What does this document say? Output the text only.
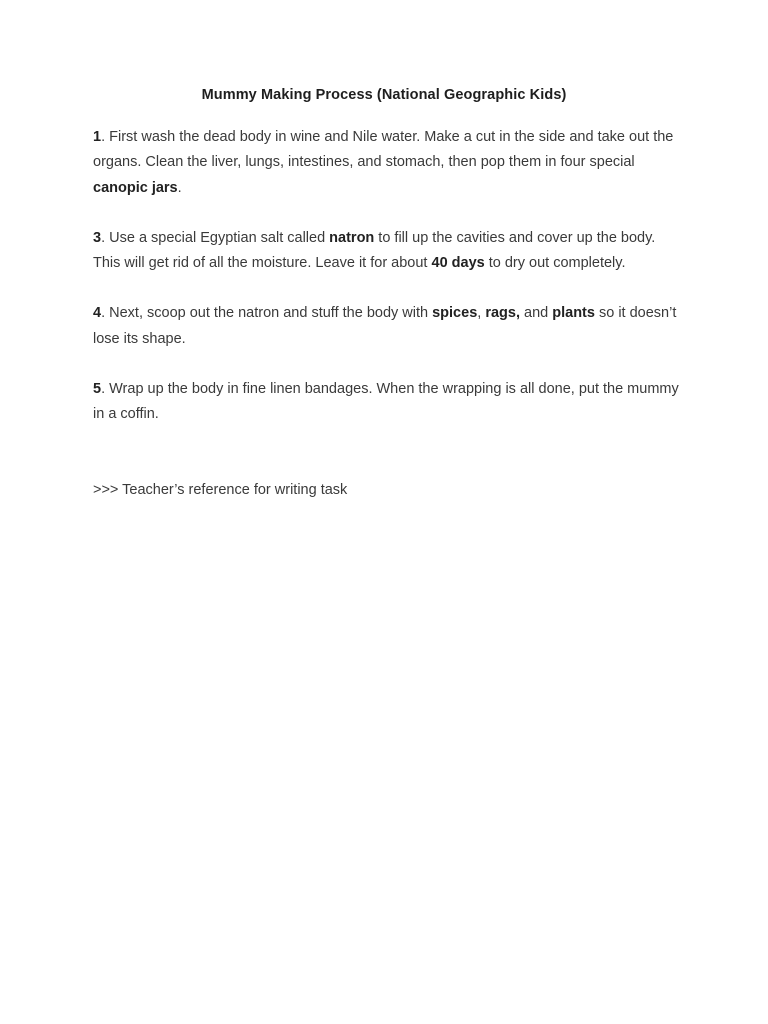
Mummy Making Process (National Geographic Kids)

1. First wash the dead body in wine and Nile water. Make a cut in the side and take out the organs. Clean the liver, lungs, intestines, and stomach, then pop them in four special canopic jars.

3. Use a special Egyptian salt called natron to fill up the cavities and cover up the body. This will get rid of all the moisture. Leave it for about 40 days to dry out completely.

4. Next, scoop out the natron and stuff the body with spices, rags, and plants so it doesn’t lose its shape.

5. Wrap up the body in fine linen bandages. When the wrapping is all done, put the mummy in a coffin.

>>> Teacher’s reference for writing task
